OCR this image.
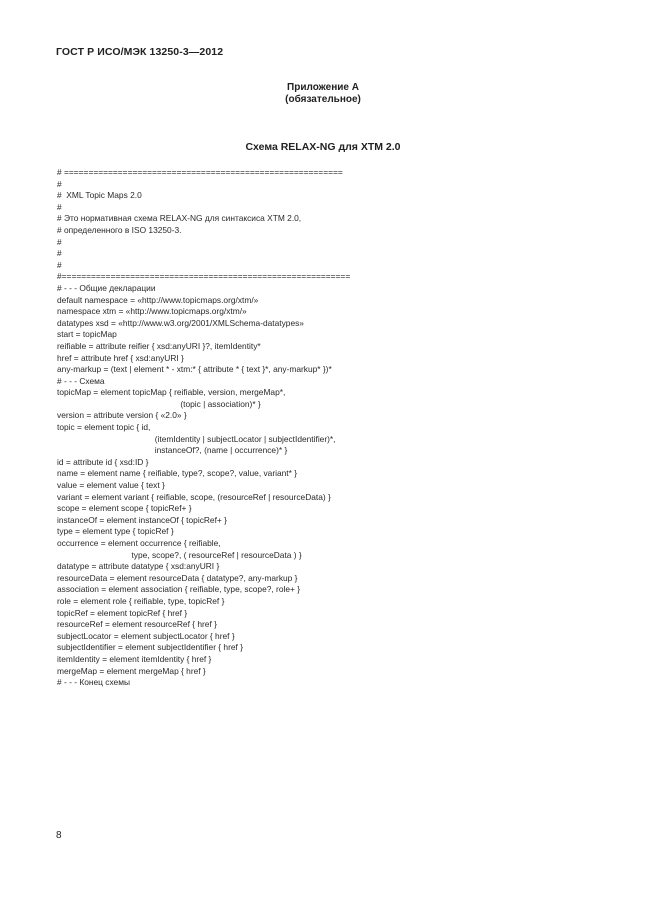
ГОСТ Р ИСО/МЭК 13250-3—2012
Приложение А
(обязательное)
Схема RELAX-NG для XTM 2.0
# =========================================================
#
#  XML Topic Maps 2.0
#
# Это нормативная схема RELAX-NG для синтаксиса XTM 2.0,
# определенного в ISO 13250-3.
#
#
#
#===========================================================
# - - - Общие декларации
default namespace = «http://www.topicmaps.org/xtm/»
namespace xtm = «http://www.topicmaps.org/xtm/»
datatypes xsd = «http://www.w3.org/2001/XMLSchema-datatypes»
start = topicMap
reifiable = attribute reifier { xsd:anyURI }?, itemIdentity*
href = attribute href { xsd:anyURI }
any-markup = (text | element * - xtm:* { attribute * { text }*, any-markup* })*
# - - - Схема
topicMap = element topicMap { reifiable, version, mergeMap*,
(topic | association)* }
version = attribute version { «2.0» }
topic = element topic { id,
(itemIdentity | subjectLocator | subjectIdentifier)*,
instanceOf?, (name | occurrence)* }
id = attribute id { xsd:ID }
name = element name { reifiable, type?, scope?, value, variant* }
value = element value { text }
variant = element variant { reifiable, scope, (resourceRef | resourceData) }
scope = element scope { topicRef+ }
instanceOf = element instanceOf { topicRef+ }
type = element type { topicRef }
occurrence = element occurrence { reifiable,
type, scope?, ( resourceRef | resourceData ) }
datatype = attribute datatype { xsd:anyURI }
resourceData = element resourceData { datatype?, any-markup }
association = element association { reifiable, type, scope?, role+ }
role = element role { reifiable, type, topicRef }
topicRef = element topicRef { href }
resourceRef = element resourceRef { href }
subjectLocator = element subjectLocator { href }
subjectIdentifier = element subjectIdentifier { href }
itemIdentity = element itemIdentity { href }
mergeMap = element mergeMap { href }
# - - - Конец схемы
8
